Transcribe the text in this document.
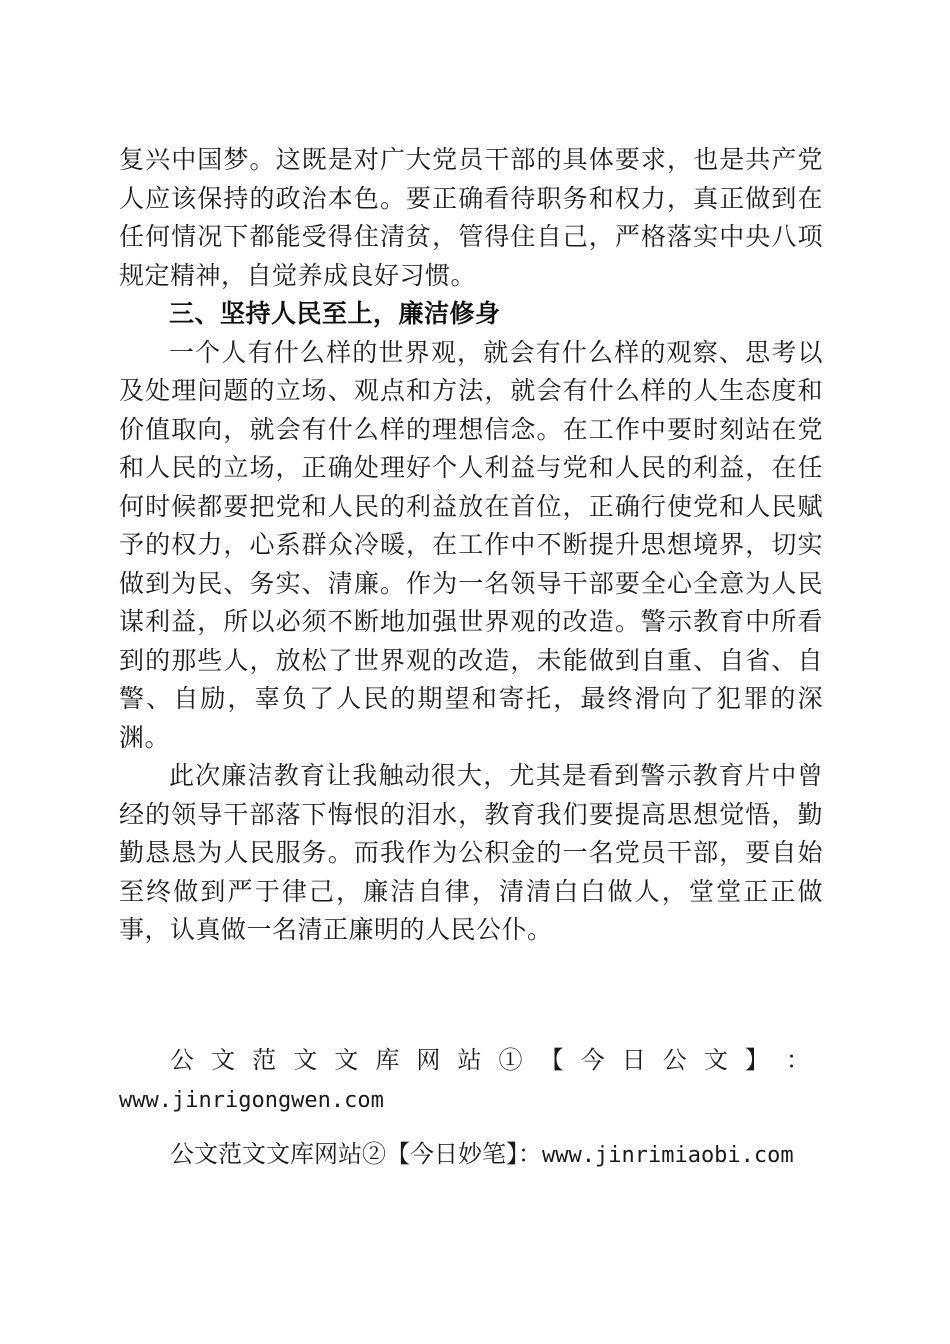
复兴中国梦。这既是对广大党员干部的具体要求，也是共产党人应该保持的政治本色。要正确看待职务和权力，真正做到在任何情况下都能受得住清贫，管得住自己，严格落实中央八项规定精神，自觉养成良好习惯。

三、坚持人民至上，廉洁修身

一个人有什么样的世界观，就会有什么样的观察、思考以及处理问题的立场、观点和方法，就会有什么样的人生态度和价值取向，就会有什么样的理想信念。在工作中要时刻站在党和人民的立场，正确处理好个人利益与党和人民的利益，在任何时候都要把党和人民的利益放在首位，正确行使党和人民赋予的权力，心系群众冷暖，在工作中不断提升思想境界，切实做到为民、务实、清廉。作为一名领导干部要全心全意为人民谋利益，所以必须不断地加强世界观的改造。警示教育中所看到的那些人，放松了世界观的改造，未能做到自重、自省、自警、自励，辜负了人民的期望和寄托，最终滑向了犯罪的深渊。

此次廉洁教育让我触动很大，尤其是看到警示教育片中曾经的领导干部落下悔恨的泪水，教育我们要提高思想觉悟，勤勤恳恳为人民服务。而我作为公积金的一名党员干部，要自始至终做到严于律己，廉洁自律，清清白白做人，堂堂正正做事，认真做一名清正廉明的人民公仆。

公 文 范 文 文 库 网 站 ① 【 今 日 公 文 】 ：
www.jinrigongwen.com
公文范文文库网站②【今日妙笔】：www.jinrimiaobi.com
